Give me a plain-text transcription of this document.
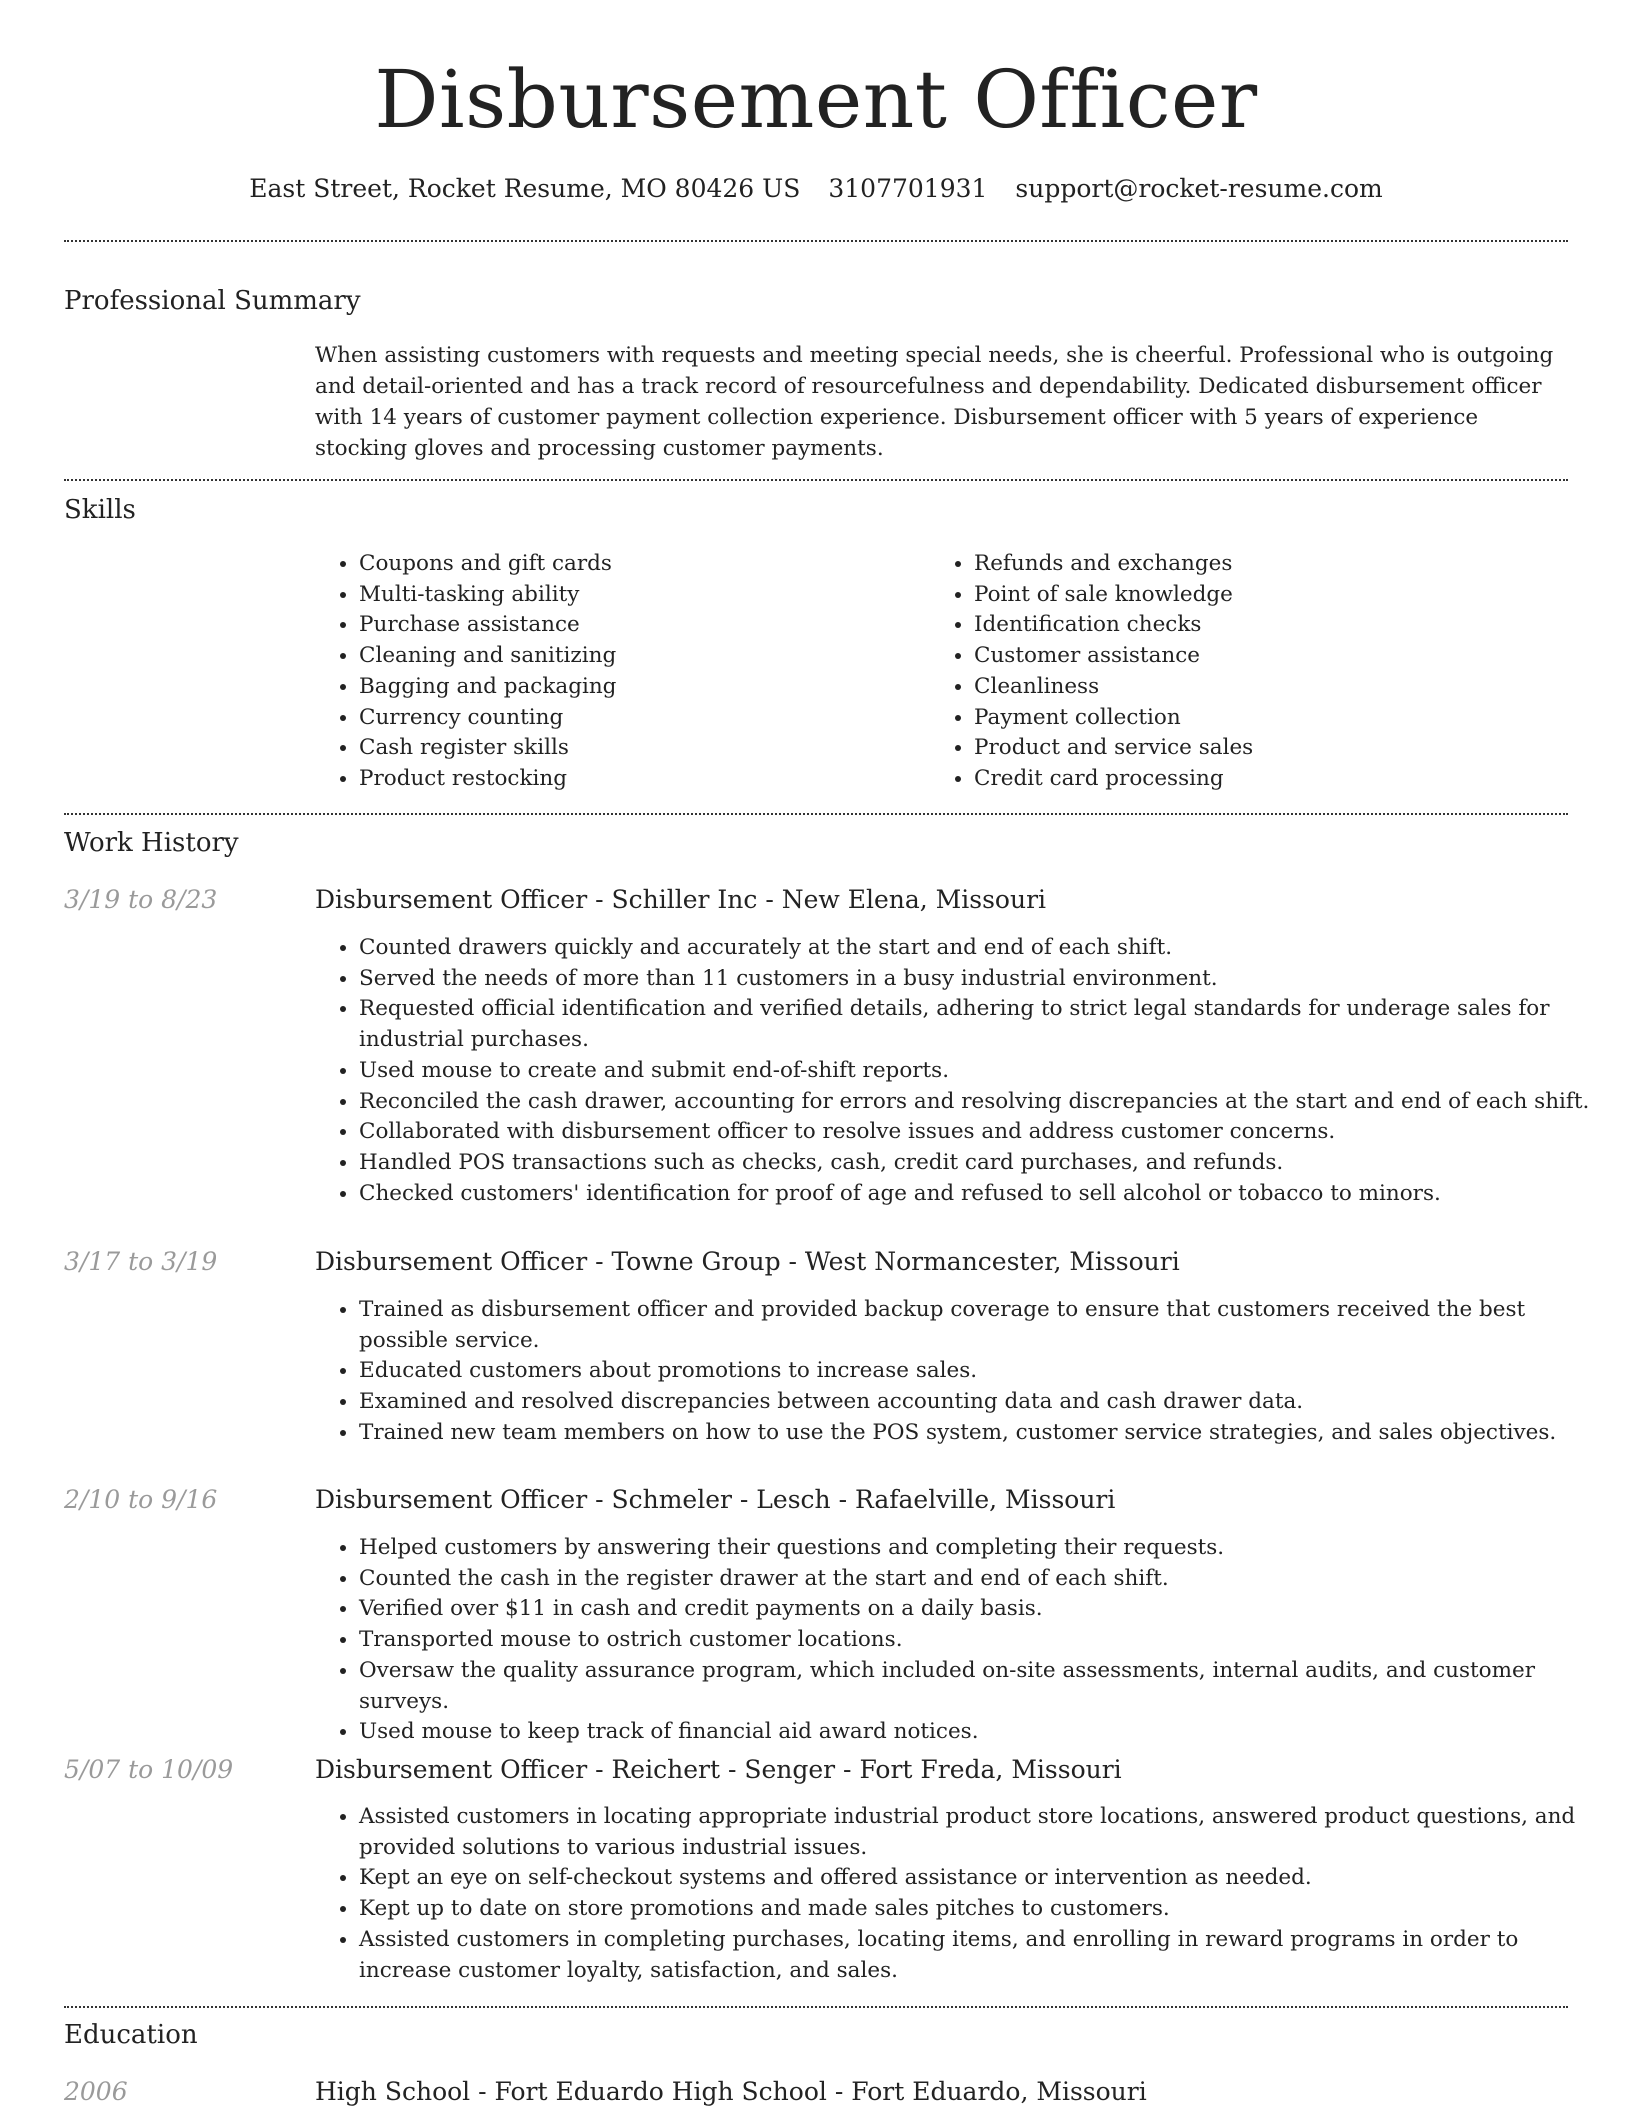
Disbursement Officer
East Street, Rocket Resume, MO 80426 US 3107701931 support@rocket-resume.com
Professional Summary
When assisting customers with requests and meeting special needs, she is cheerful. Professional who is outgoing and detail-oriented and has a track record of resourcefulness and dependability. Dedicated disbursement officer with 14 years of customer payment collection experience. Disbursement officer with 5 years of experience stocking gloves and processing customer payments.
Skills
• Coupons and gift cards
• Multi-tasking ability
• Purchase assistance
• Cleaning and sanitizing
• Bagging and packaging
• Currency counting
• Cash register skills
• Product restocking
• Refunds and exchanges
• Point of sale knowledge
• Identification checks
• Customer assistance
• Cleanliness
• Payment collection
• Product and service sales
• Credit card processing
Work History
3/19 to 8/23	Disbursement Officer - Schiller Inc - New Elena, Missouri
• Counted drawers quickly and accurately at the start and end of each shift.
• Served the needs of more than 11 customers in a busy industrial environment.
• Requested official identification and verified details, adhering to strict legal standards for underage sales for industrial purchases.
• Used mouse to create and submit end-of-shift reports.
• Reconciled the cash drawer, accounting for errors and resolving discrepancies at the start and end of each shift.
• Collaborated with disbursement officer to resolve issues and address customer concerns.
• Handled POS transactions such as checks, cash, credit card purchases, and refunds.
• Checked customers' identification for proof of age and refused to sell alcohol or tobacco to minors.
3/17 to 3/19	Disbursement Officer - Towne Group - West Normancester, Missouri
• Trained as disbursement officer and provided backup coverage to ensure that customers received the best possible service.
• Educated customers about promotions to increase sales.
• Examined and resolved discrepancies between accounting data and cash drawer data.
• Trained new team members on how to use the POS system, customer service strategies, and sales objectives.
2/10 to 9/16	Disbursement Officer - Schmeler - Lesch - Rafaelville, Missouri
• Helped customers by answering their questions and completing their requests.
• Counted the cash in the register drawer at the start and end of each shift.
• Verified over $11 in cash and credit payments on a daily basis.
• Transported mouse to ostrich customer locations.
• Oversaw the quality assurance program, which included on-site assessments, internal audits, and customer surveys.
• Used mouse to keep track of financial aid award notices.
5/07 to 10/09	Disbursement Officer - Reichert - Senger - Fort Freda, Missouri
• Assisted customers in locating appropriate industrial product store locations, answered product questions, and provided solutions to various industrial issues.
• Kept an eye on self-checkout systems and offered assistance or intervention as needed.
• Kept up to date on store promotions and made sales pitches to customers.
• Assisted customers in completing purchases, locating items, and enrolling in reward programs in order to increase customer loyalty, satisfaction, and sales.
Education
2006	High School - Fort Eduardo High School - Fort Eduardo, Missouri
